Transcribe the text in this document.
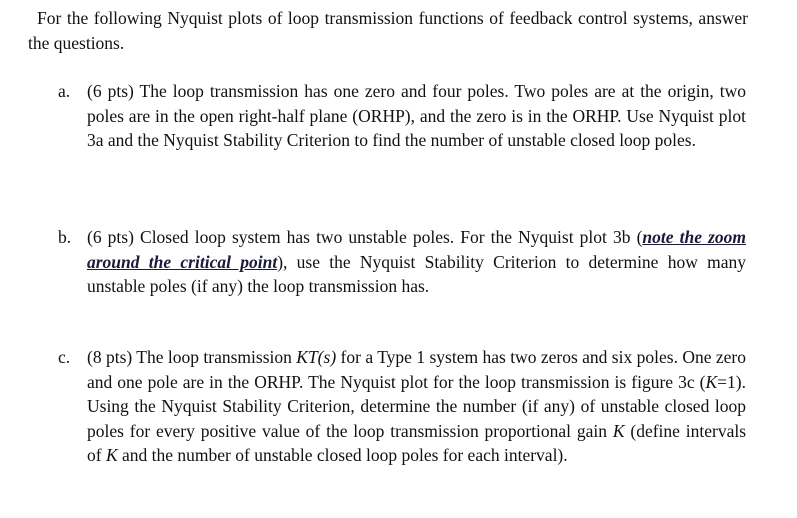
For the following Nyquist plots of loop transmission functions of feedback control systems, answer the questions.

a. (6 pts) The loop transmission has one zero and four poles. Two poles are at the origin, two poles are in the open right-half plane (ORHP), and the zero is in the ORHP. Use Nyquist plot 3a and the Nyquist Stability Criterion to find the number of unstable closed loop poles.

b. (6 pts) Closed loop system has two unstable poles. For the Nyquist plot 3b (note the zoom around the critical point), use the Nyquist Stability Criterion to determine how many unstable poles (if any) the loop transmission has.

c. (8 pts) The loop transmission KT(s) for a Type 1 system has two zeros and six poles. One zero and one pole are in the ORHP. The Nyquist plot for the loop transmission is figure 3c (K=1). Using the Nyquist Stability Criterion, determine the number (if any) of unstable closed loop poles for every positive value of the loop transmission proportional gain K (define intervals of K and the number of unstable closed loop poles for each interval).
